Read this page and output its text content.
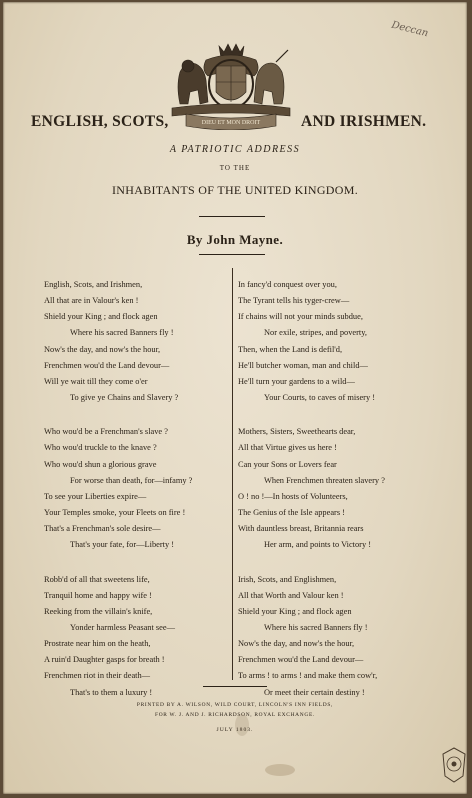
Deccan
DIEU ET MON DROIT
ENGLISH, SCOTS,	AND IRISHMEN.
A PATRIOTIC ADDRESS
TO THE
INHABITANTS OF THE UNITED KINGDOM.
By John Mayne.
English, Scots, and Irishmen,
All that are in Valour's ken !
Shield your King ; and flock agen
Where his sacred Banners fly !
Now's the day, and now's the hour,
Frenchmen wou'd the Land devour—
Will ye wait till they come o'er
To give ye Chains and Slavery ?
Who wou'd be a Frenchman's slave ?
Who wou'd truckle to the knave ?
Who wou'd shun a glorious grave
For worse than death, for—infamy ?
To see your Liberties expire—
Your Temples smoke, your Fleets on fire !
That's a Frenchman's sole desire—
That's your fate, for—Liberty !
Robb'd of all that sweetens life,
Tranquil home and happy wife !
Reeking from the villain's knife,
Yonder harmless Peasant see—
Prostrate near him on the heath,
A ruin'd Daughter gasps for breath !
Frenchmen riot in their death—
That's to them a luxury !
In fancy'd conquest over you,
The Tyrant tells his tyger-crew—
If chains will not your minds subdue,
Nor exile, stripes, and poverty,
Then, when the Land is defil'd,
He'll butcher woman, man and child—
He'll turn your gardens to a wild—
Your Courts, to caves of misery !
Mothers, Sisters, Sweethearts dear,
All that Virtue gives us here !
Can your Sons or Lovers fear
When Frenchmen threaten slavery ?
O ! no !—In hosts of Volunteers,
The Genius of the Isle appears !
With dauntless breast, Britannia rears
Her arm, and points to Victory !
Irish, Scots, and Englishmen,
All that Worth and Valour ken !
Shield your King ; and flock agen
Where his sacred Banners fly !
Now's the day, and now's the hour,
Frenchmen wou'd the Land devour—
To arms ! to arms ! and make them cow'r,
Or meet their certain destiny !
PRINTED BY A. WILSON, WILD COURT, LINCOLN'S INN FIELDS,
FOR W. J. AND J. RICHARDSON, ROYAL EXCHANGE.
JULY 1803.
